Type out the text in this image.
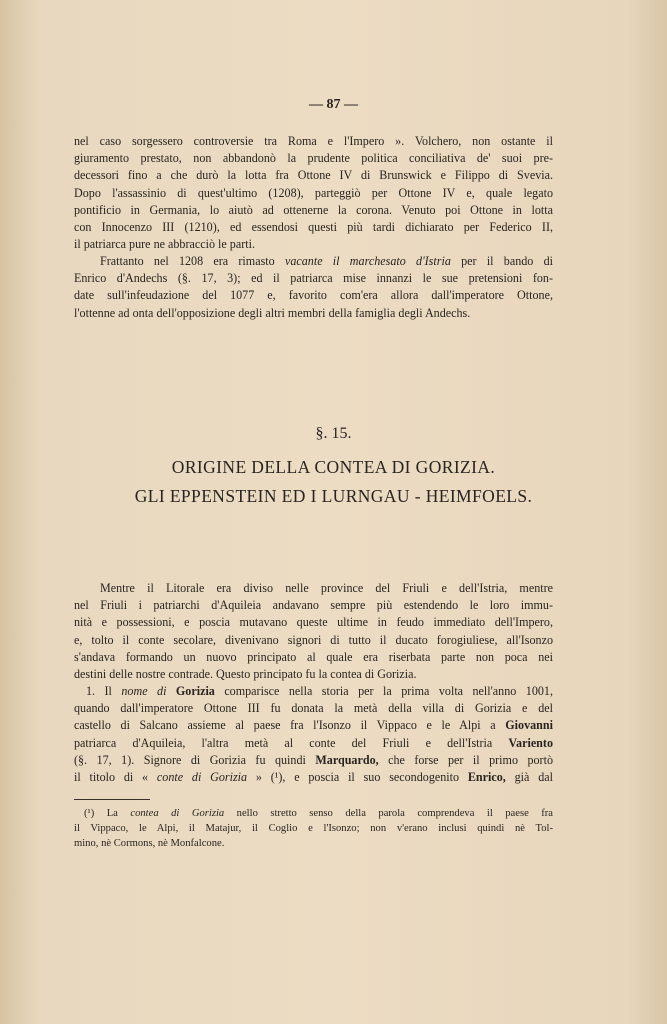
— 87 —

nel caso sorgessero controversie tra Roma e l'Impero ». Volchero, non ostante il
giuramento prestato, non abbandonò la prudente politica conciliativa de' suoi pre-
decessori fino a che durò la lotta fra Ottone IV di Brunswick e Filippo di Svevia.
Dopo l'assassinio di quest'ultimo (1208), parteggiò per Ottone IV e, quale legato
pontificio in Germania, lo aiutò ad ottenerne la corona. Venuto poi Ottone in lotta
con Innocenzo III (1210), ed essendosi questi più tardi dichiarato per Federico II,
il patriarca pure ne abbracciò le parti.

Frattanto nel 1208 era rimasto vacante il marchesato d'Istria per il bando di
Enrico d'Andechs (§. 17, 3); ed il patriarca mise innanzi le sue pretensioni fon-
date sull'infeudazione del 1077 e, favorito com'era allora dall'imperatore Ottone,
l'ottenne ad onta dell'opposizione degli altri membri della famiglia degli Andechs.

§. 15.
ORIGINE DELLA CONTEA DI GORIZIA.
GLI EPPENSTEIN ED I LURNGAU - HEIMFOELS.

Mentre il Litorale era diviso nelle province del Friuli e dell'Istria, mentre
nel Friuli i patriarchi d'Aquileia andavano sempre più estendendo le loro immu-
nità e possessioni, e poscia mutavano queste ultime in feudo immediato dell'Impero,
e, tolto il conte secolare, divenivano signori di tutto il ducato forogiuliese, all'Isonzo
s'andava formando un nuovo principato al quale era riserbata parte non poca nei
destini delle nostre contrade. Questo principato fu la contea di Gorizia.

1. Il nome di Gorizia comparisce nella storia per la prima volta nell'anno 1001,
quando dall'imperatore Ottone III fu donata la metà della villa di Gorizia e del
castello di Salcano assieme al paese fra l'Isonzo il Vippaco e le Alpi a Giovanni
patriarca d'Aquileia, l'altra metà al conte del Friuli e dell'Istria Variento
(§. 17, 1). Signore di Gorizia fu quindi Marquardo, che forse per il primo portò
il titolo di « conte di Gorizia » (¹), e poscia il suo secondogenito Enrico, già dal

(¹) La contea di Gorizia nello stretto senso della parola comprendeva il paese fra
il Vippaco, le Alpi, il Matajur, il Coglio e l'Isonzo; non v'erano inclusi quindi nè Tol-
mino, nè Cormons, nè Monfalcone.
